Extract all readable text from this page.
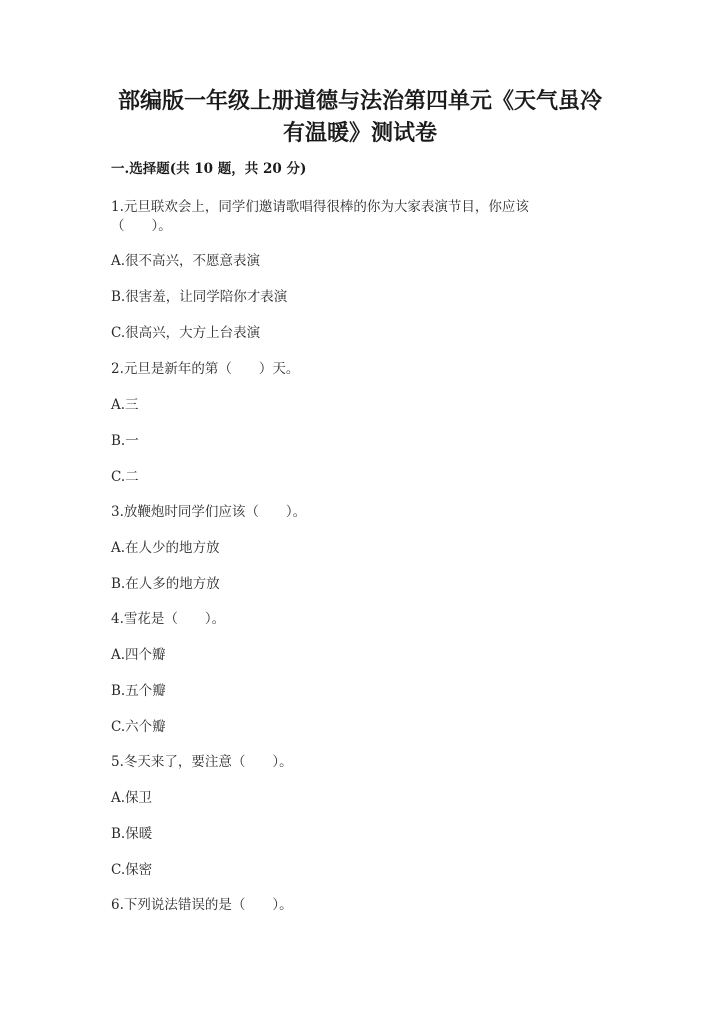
部编版一年级上册道德与法治第四单元《天气虽冷
有温暖》测试卷
一.选择题(共 10 题，共 20 分)
1.元旦联欢会上，同学们邀请歌唱得很棒的你为大家表演节目，你应该
（　　）。
A.很不高兴，不愿意表演
B.很害羞，让同学陪你才表演
C.很高兴，大方上台表演
2.元旦是新年的第（　　）天。
A.三
B.一
C.二
3.放鞭炮时同学们应该（　　）。
A.在人少的地方放
B.在人多的地方放
4.雪花是（　　）。
A.四个瓣
B.五个瓣
C.六个瓣
5.冬天来了，要注意（　　）。
A.保卫
B.保暖
C.保密
6.下列说法错误的是（　　）。
